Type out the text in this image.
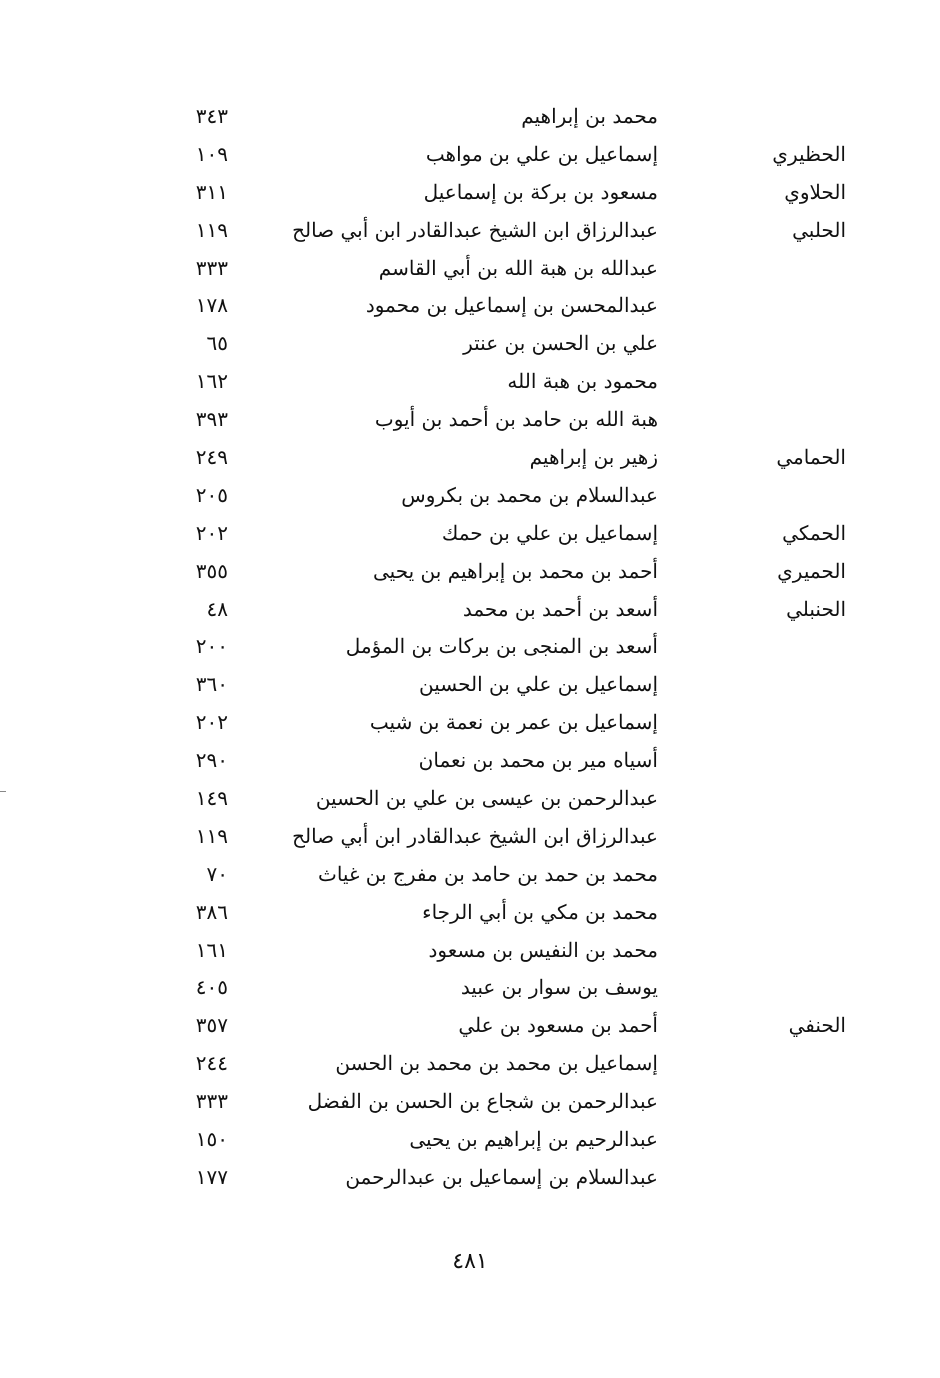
محمد بن إبراهيم
٣٤٣
الحظيري
إسماعيل بن علي بن مواهب
١٠٩
الحلاوي
مسعود بن بركة بن إسماعيل
٣١١
الحلبي
عبدالرزاق ابن الشيخ عبدالقادر ابن أبي صالح
١١٩
عبدالله بن هبة الله بن أبي القاسم
٣٣٣
عبدالمحسن بن إسماعيل بن محمود
١٧٨
علي بن الحسن بن عنتر
٦٥
محمود بن هبة الله
١٦٢
هبة الله بن حامد بن أحمد بن أيوب
٣٩٣
الحمامي
زهير بن إبراهيم
٢٤٩
عبدالسلام بن محمد بن بكروس
٢٠٥
الحمكي
إسماعيل بن علي بن حمك
٢٠٢
الحميري
أحمد بن محمد بن إبراهيم بن يحيى
٣٥٥
الحنبلي
أسعد بن أحمد بن محمد
٤٨
أسعد بن المنجى بن بركات بن المؤمل
٢٠٠
إسماعيل بن علي بن الحسين
٣٦٠
إسماعيل بن عمر بن نعمة بن شيب
٢٠٢
أسياه مير بن محمد بن نعمان
٢٩٠
عبدالرحمن بن عيسى بن علي بن الحسين
١٤٩
عبدالرزاق ابن الشيخ عبدالقادر ابن أبي صالح
١١٩
محمد بن حمد بن حامد بن مفرج بن غياث
٧٠
محمد بن مكي بن أبي الرجاء
٣٨٦
محمد بن النفيس بن مسعود
١٦١
يوسف بن سوار بن عبيد
٤٠٥
الحنفي
أحمد بن مسعود بن علي
٣٥٧
إسماعيل بن محمد بن محمد بن الحسن
٢٤٤
عبدالرحمن بن شجاع بن الحسن بن الفضل
٣٣٣
عبدالرحيم بن إبراهيم بن يحيى
١٥٠
عبدالسلام بن إسماعيل بن عبدالرحمن
١٧٧
٤٨١
